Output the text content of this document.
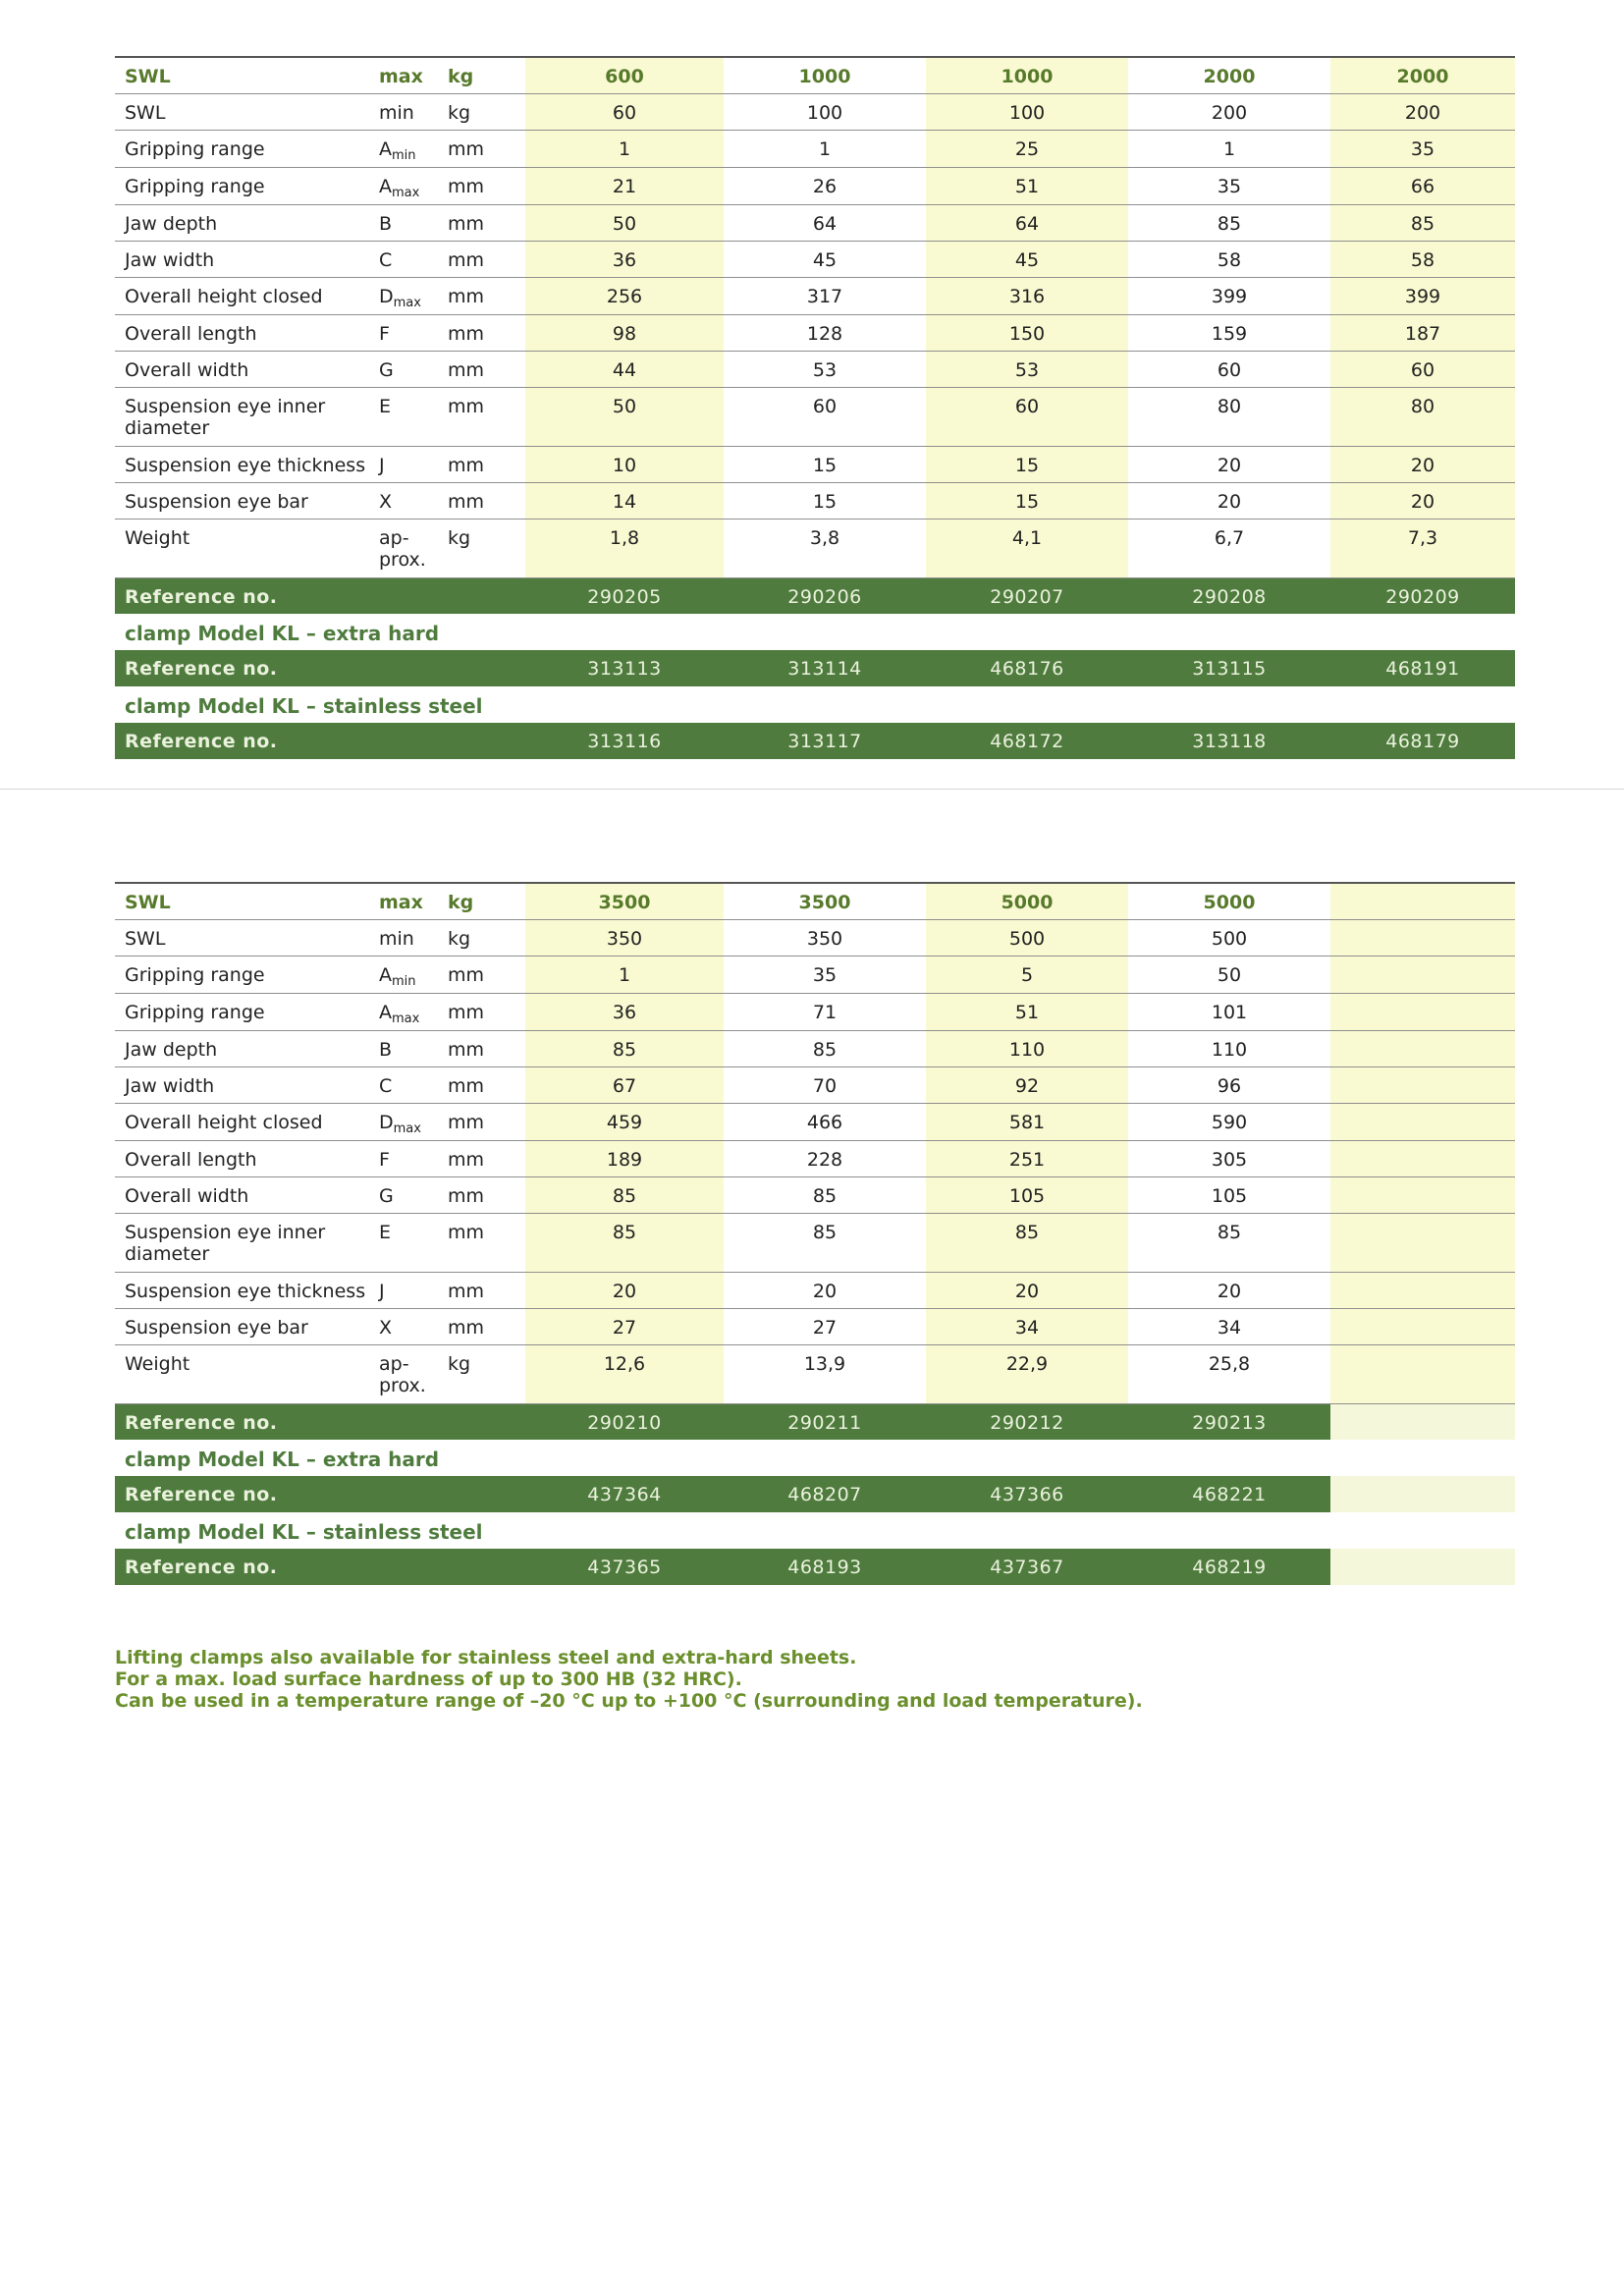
SWL	max	kg	600	1000	1000	2000	2000
SWL	min	kg	60	100	100	200	200
Gripping range	$A_{min}$	mm	1	1	25	1	35
Gripping range	$A_{max}$	mm	21	26	51	35	66
Jaw depth	B	mm	50	64	64	85	85
Jaw width	C	mm	36	45	45	58	58
Overall height closed	$D_{max}$	mm	256	317	316	399	399
Overall length	F	mm	98	128	150	159	187
Overall width	G	mm	44	53	53	60	60
Suspension eye inner diameter	E	mm	50	60	60	80	80
Suspension eye thickness	J	mm	10	15	15	20	20
Suspension eye bar	X	mm	14	15	15	20	20
Weight	ap-prox.	kg	1,8	3,8	4,1	6,7	7,3
Reference no.			290205	290206	290207	290208	290209
clamp Model KL – extra hard							
Reference no.			313113	313114	468176	313115	468191
clamp Model KL – stainless steel							
Reference no.			313116	313117	468172	313118	468179
SWL	max	kg	3500	3500	5000	5000	
SWL	min	kg	350	350	500	500	
Gripping range	$A_{min}$	mm	1	35	5	50	
Gripping range	$A_{max}$	mm	36	71	51	101	
Jaw depth	B	mm	85	85	110	110	
Jaw width	C	mm	67	70	92	96	
Overall height closed	$D_{max}$	mm	459	466	581	590	
Overall length	F	mm	189	228	251	305	
Overall width	G	mm	85	85	105	105	
Suspension eye inner diameter	E	mm	85	85	85	85	
Suspension eye thickness	J	mm	20	20	20	20	
Suspension eye bar	X	mm	27	27	34	34	
Weight	ap-prox.	kg	12,6	13,9	22,9	25,8	
Reference no.			290210	290211	290212	290213	
clamp Model KL – extra hard							
Reference no.			437364	468207	437366	468221	
clamp Model KL – stainless steel							
Reference no.			437365	468193	437367	468219	
Lifting clamps also available for stainless steel and extra-hard sheets.
For a max. load surface hardness of up to 300 HB (32 HRC).
Can be used in a temperature range of –20 °C up to +100 °C (surrounding and load temperature).
